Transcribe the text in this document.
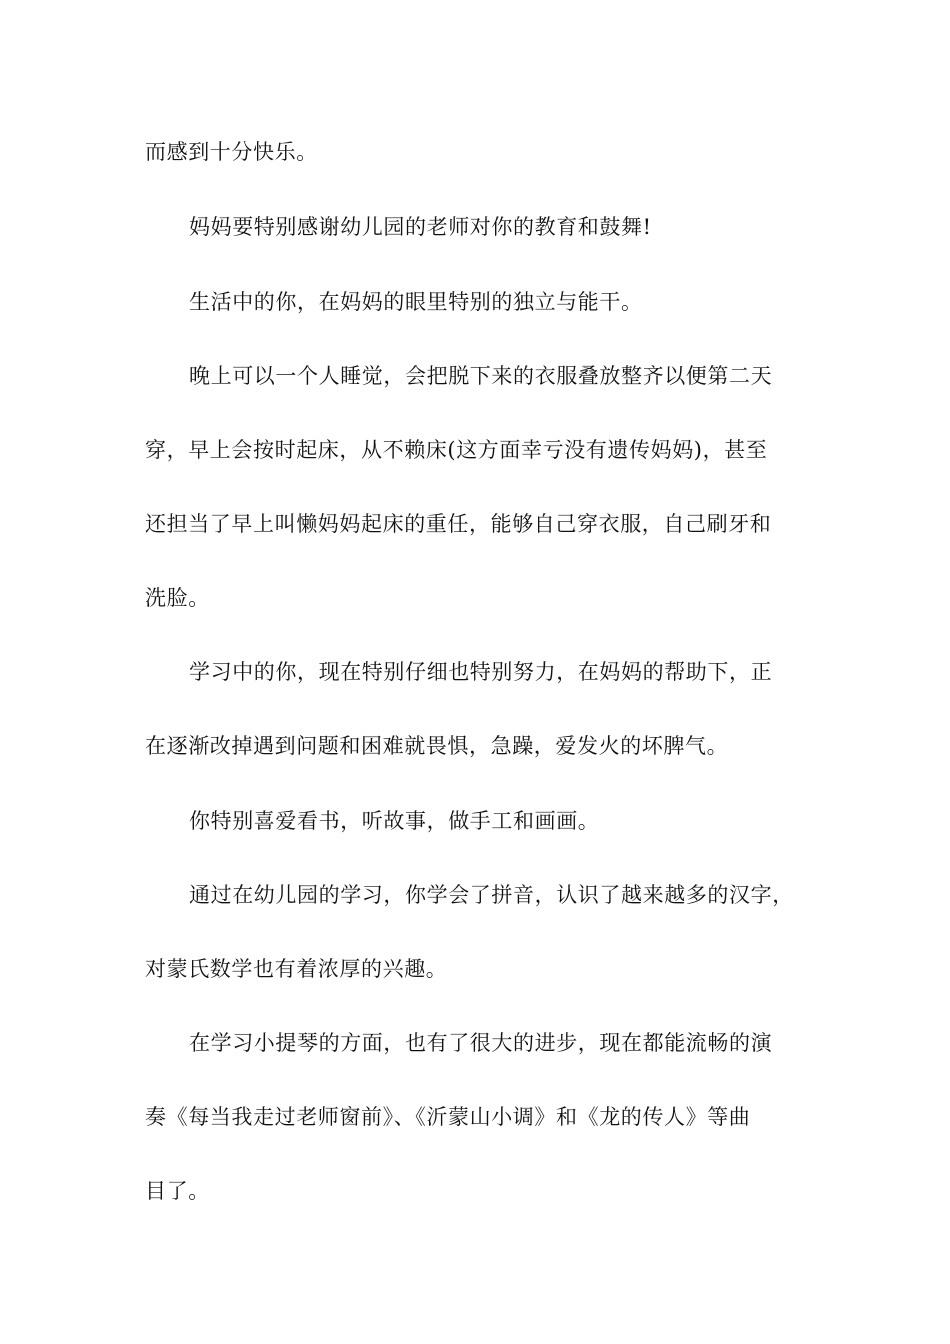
而感到十分快乐。
妈妈要特别感谢幼儿园的老师对你的教育和鼓舞!
生活中的你，在妈妈的眼里特别的独立与能干。
晚上可以一个人睡觉，会把脱下来的衣服叠放整齐以便第二天
穿，早上会按时起床，从不赖床(这方面幸亏没有遗传妈妈)，甚至
还担当了早上叫懒妈妈起床的重任，能够自己穿衣服，自己刷牙和
洗脸。
学习中的你，现在特别仔细也特别努力，在妈妈的帮助下，正
在逐渐改掉遇到问题和困难就畏惧，急躁，爱发火的坏脾气。
你特别喜爱看书，听故事，做手工和画画。
通过在幼儿园的学习，你学会了拼音，认识了越来越多的汉字，
对蒙氏数学也有着浓厚的兴趣。
在学习小提琴的方面，也有了很大的进步，现在都能流畅的演
奏《每当我走过老师窗前》、《沂蒙山小调》和《龙的传人》等曲
目了。
